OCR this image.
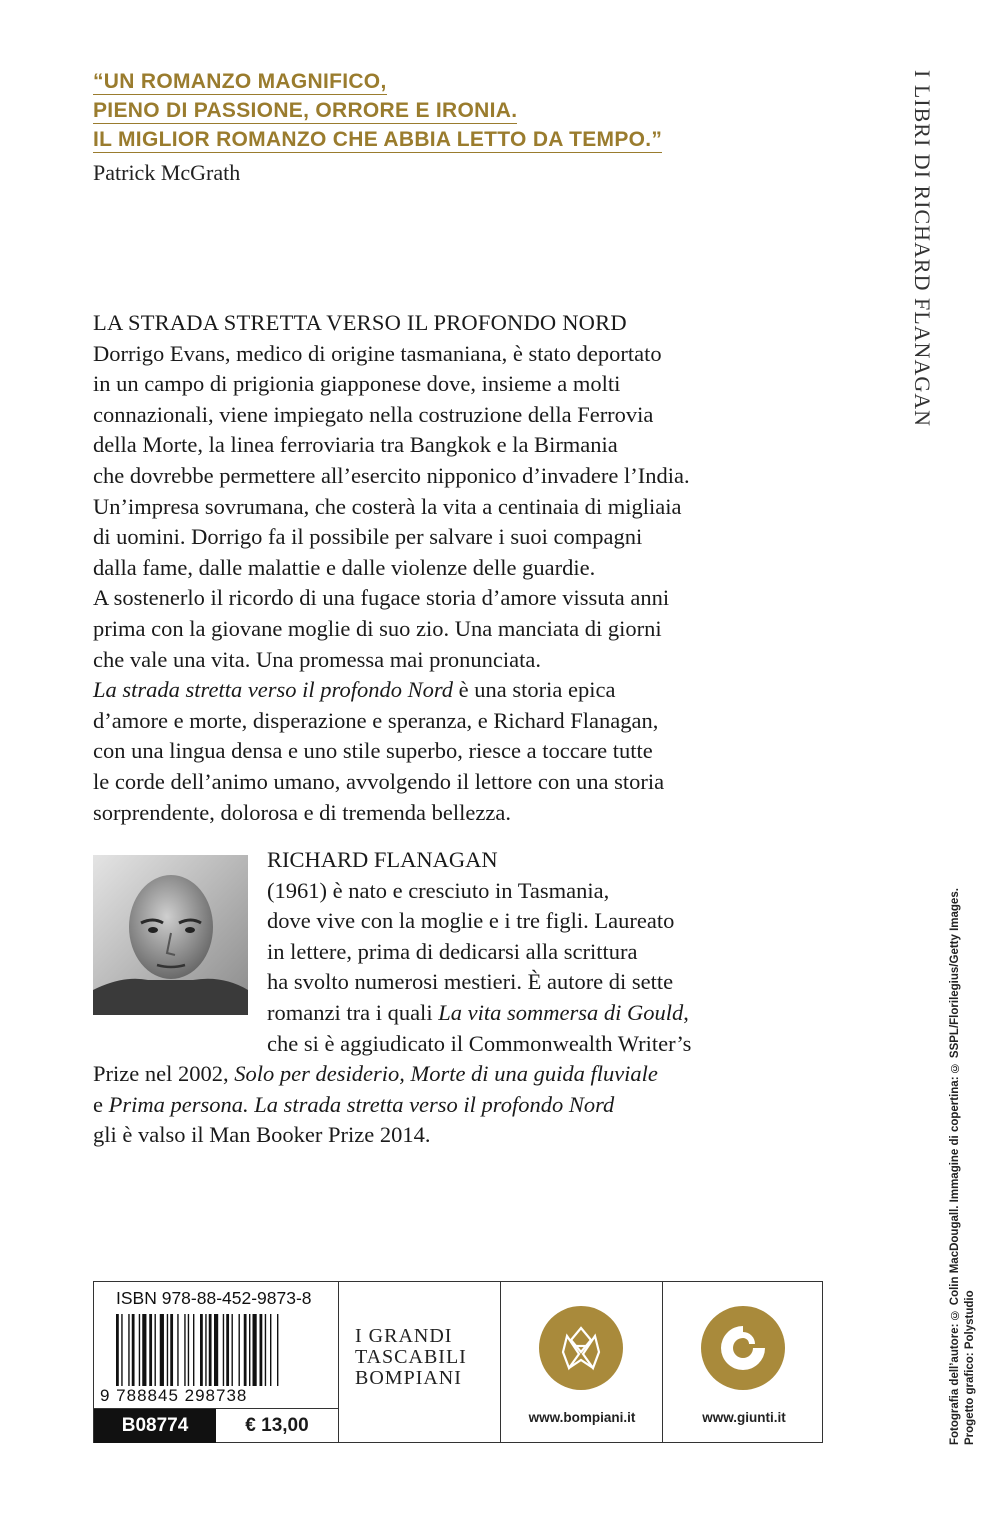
“UN ROMANZO MAGNIFICO,
PIENO DI PASSIONE, ORRORE E IRONIA.
IL MIGLIOR ROMANZO CHE ABBIA LETTO DA TEMPO.”
Patrick McGrath	I LIBRI DI RICHARD FLANAGAN
LA STRADA STRETTA VERSO IL PROFONDO NORD
Dorrigo Evans, medico di origine tasmaniana, è stato deportato
in un campo di prigionia giapponese dove, insieme a molti
connazionali, viene impiegato nella costruzione della Ferrovia
della Morte, la linea ferroviaria tra Bangkok e la Birmania
che dovrebbe permettere all’esercito nipponico d’invadere l’India.
Un’impresa sovrumana, che costerà la vita a centinaia di migliaia
di uomini. Dorrigo fa il possibile per salvare i suoi compagni
dalla fame, dalle malattie e dalle violenze delle guardie.
A sostenerlo il ricordo di una fugace storia d’amore vissuta anni
prima con la giovane moglie di suo zio. Una manciata di giorni
che vale una vita. Una promessa mai pronunciata.
La strada stretta verso il profondo Nord è una storia epica
d’amore e morte, disperazione e speranza, e Richard Flanagan,
con una lingua densa e uno stile superbo, riesce a toccare tutte
le corde dell’animo umano, avvolgendo il lettore con una storia
sorprendente, dolorosa e di tremenda bellezza.
RICHARD FLANAGAN
(1961) è nato e cresciuto in Tasmania,
dove vive con la moglie e i tre figli. Laureato
in lettere, prima di dedicarsi alla scrittura
ha svolto numerosi mestieri. È autore di sette
romanzi tra i quali La vita sommersa di Gould,
che si è aggiudicato il Commonwealth Writer’s
Prize nel 2002, Solo per desiderio, Morte di una guida fluviale
e Prima persona. La strada stretta verso il profondo Nord
gli è valso il Man Booker Prize 2014.	Fotografia dell’autore: © Colin MacDougall. Immagine di copertina: © SSPL/Florilegius/Getty Images. Progetto grafico: Polystudio
ISBN 978-88-452-9873-8
9 788845 298738
B08774	€ 13,00
I GRANDI
TASCABILI
BOMPIANI
www.bompiani.it	www.giunti.it
